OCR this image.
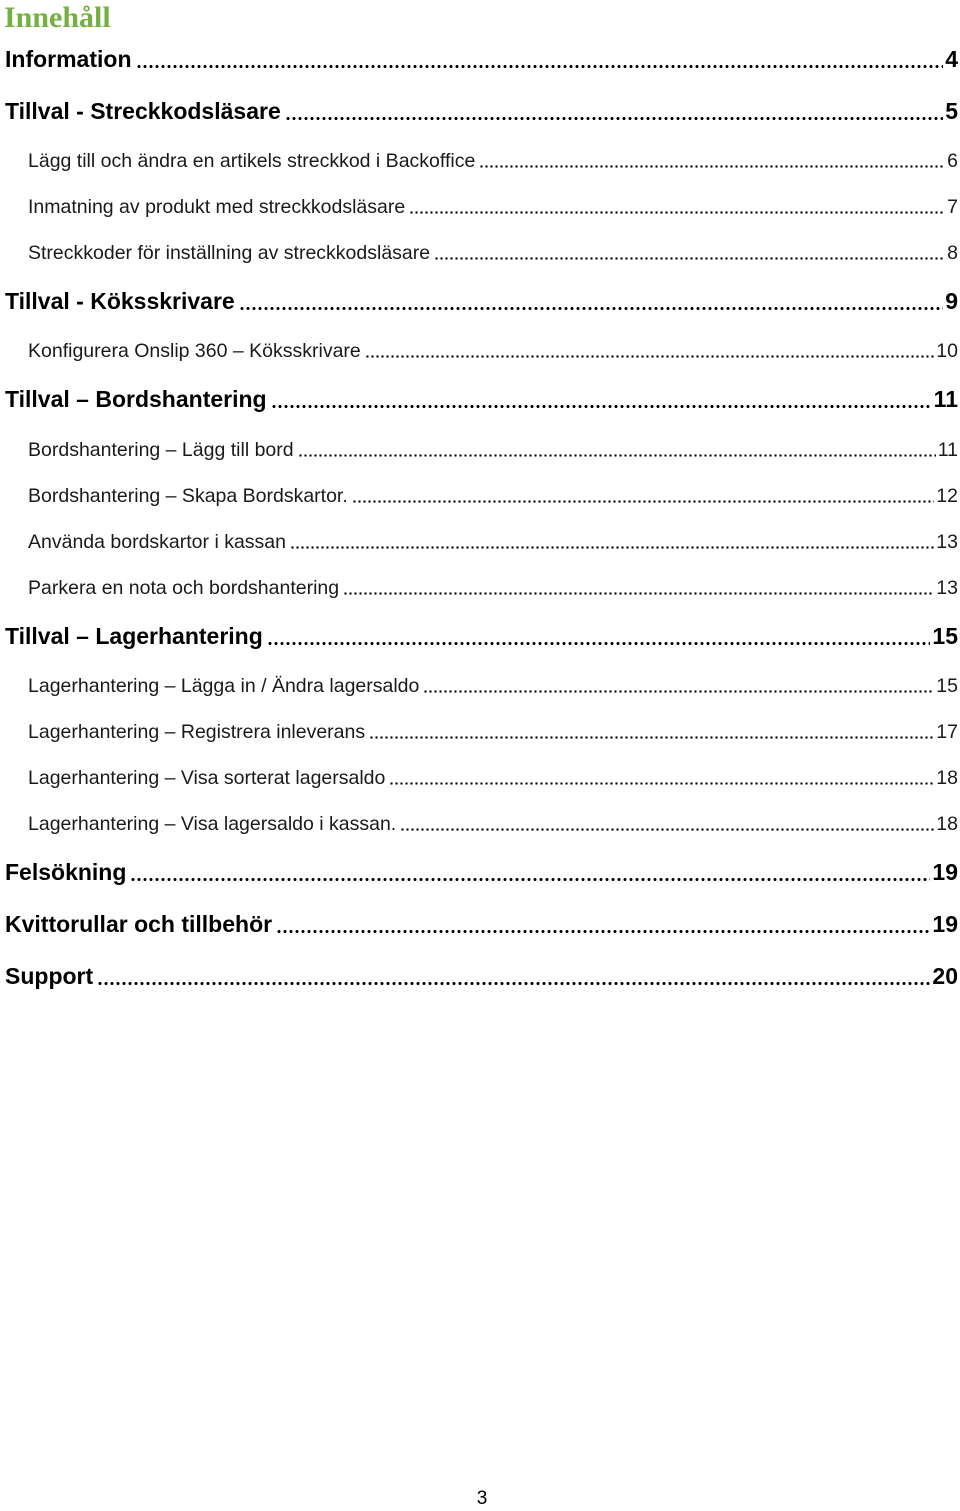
Innehåll
Information	4
Tillval - Streckkodsläsare	5
Lägg till och ändra en artikels streckkod i Backoffice	6
Inmatning av produkt med streckkodsläsare	7
Streckkoder för inställning av streckkodsläsare	8
Tillval - Köksskrivare	9
Konfigurera Onslip 360 – Köksskrivare	10
Tillval – Bordshantering	11
Bordshantering – Lägg till bord	11
Bordshantering – Skapa Bordskartor.	12
Använda bordskartor i kassan	13
Parkera en nota och bordshantering	13
Tillval – Lagerhantering	15
Lagerhantering – Lägga in / Ändra lagersaldo	15
Lagerhantering – Registrera inleverans	17
Lagerhantering – Visa sorterat lagersaldo	18
Lagerhantering – Visa lagersaldo i kassan.	18
Felsökning	19
Kvittorullar och tillbehör	19
Support	20
3
